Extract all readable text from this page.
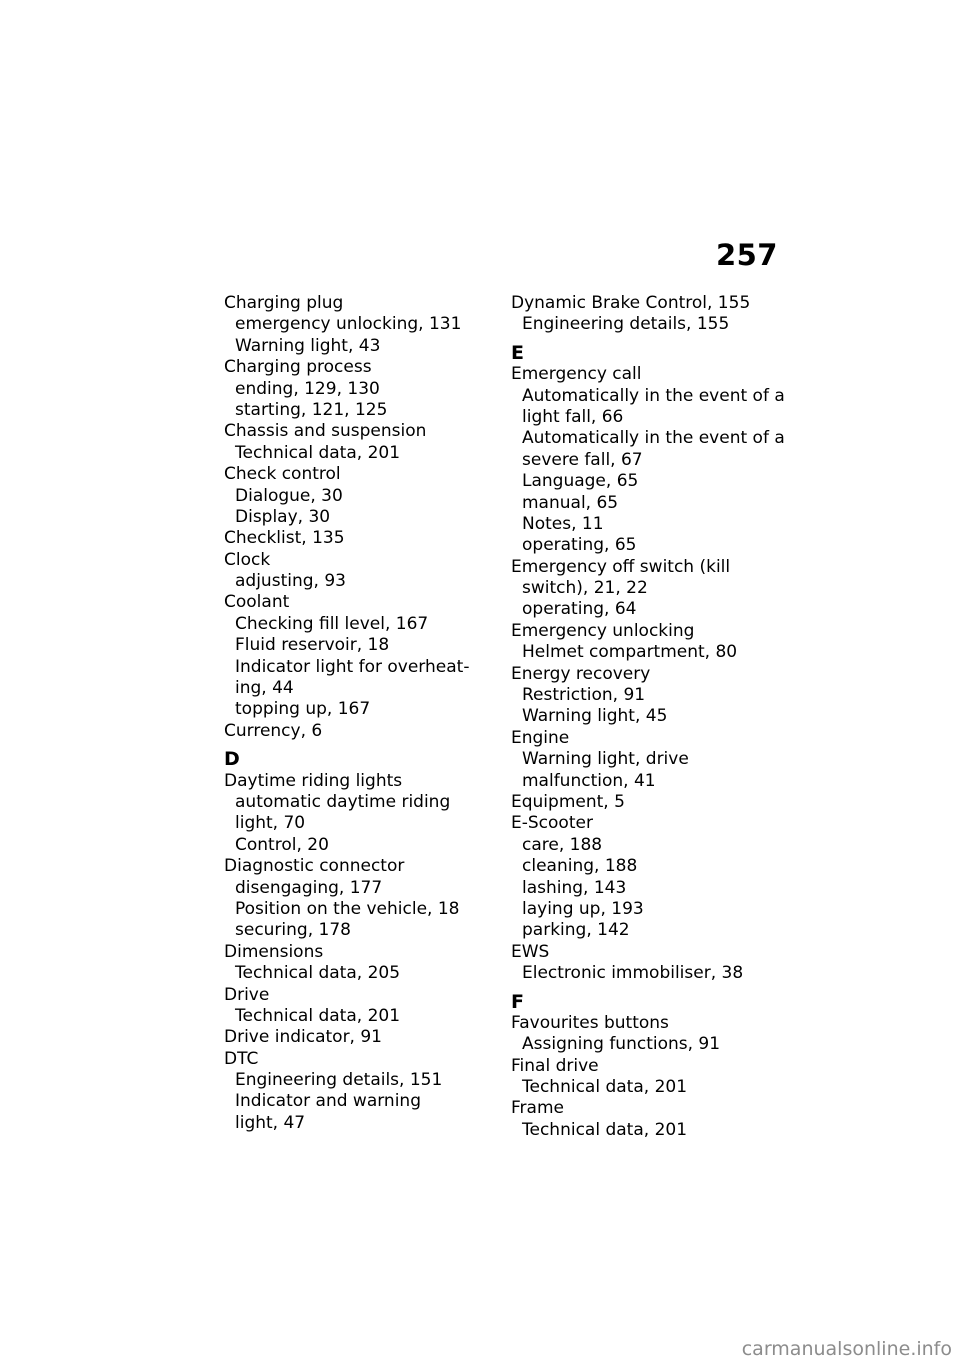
257
Charging plug
emergency unlocking, 131
Warning light, 43
Charging process
ending, 129, 130
starting, 121, 125
Chassis and suspension
Technical data, 201
Check control
Dialogue, 30
Display, 30
Checklist, 135
Clock
adjusting, 93
Coolant
Checking fill level, 167
Fluid reservoir, 18
Indicator light for overheat-
ing, 44
topping up, 167
Currency, 6
D
Daytime riding lights
automatic daytime riding
light, 70
Control, 20
Diagnostic connector
disengaging, 177
Position on the vehicle, 18
securing, 178
Dimensions
Technical data, 205
Drive
Technical data, 201
Drive indicator, 91
DTC
Engineering details, 151
Indicator and warning
light, 47
Dynamic Brake Control, 155
Engineering details, 155
E
Emergency call
Automatically in the event of a
light fall, 66
Automatically in the event of a
severe fall, 67
Language, 65
manual, 65
Notes, 11
operating, 65
Emergency off switch (kill
switch), 21, 22
operating, 64
Emergency unlocking
Helmet compartment, 80
Energy recovery
Restriction, 91
Warning light, 45
Engine
Warning light, drive
malfunction, 41
Equipment, 5
E-Scooter
care, 188
cleaning, 188
lashing, 143
laying up, 193
parking, 142
EWS
Electronic immobiliser, 38
F
Favourites buttons
Assigning functions, 91
Final drive
Technical data, 201
Frame
Technical data, 201
carmanualsonline.info
